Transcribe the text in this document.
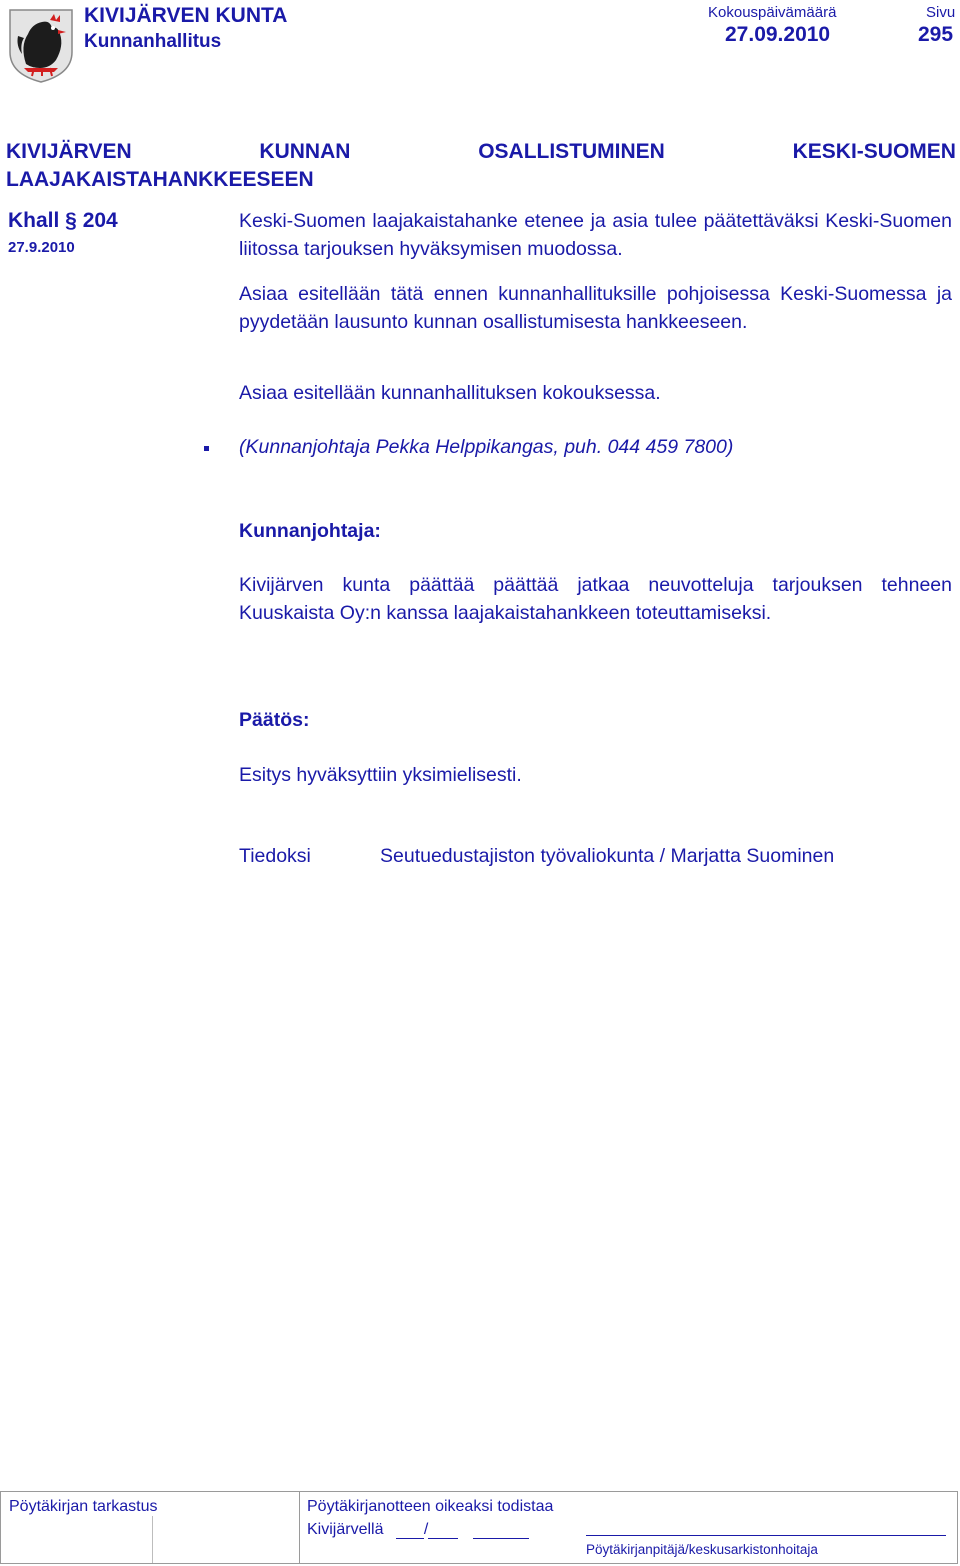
KIVIJÄRVEN KUNTA
Kunnanhallitus
Kokouspäivämäärä
27.09.2010
Sivu
295
KIVIJÄRVEN	KUNNAN	OSALLISTUMINEN	KESKI-SUOMEN
LAAJAKAISTAHANKKEESEEN
Khall § 204
27.9.2010
Keski-Suomen laajakaistahanke etenee ja asia tulee päätettäväksi Keski-Suomen liitossa tarjouksen hyväksymisen muodossa.
Asiaa esitellään tätä ennen kunnanhallituksille pohjoisessa Keski-Suomessa ja pyydetään lausunto kunnan osallistumisesta hankkeeseen.
Asiaa esitellään kunnanhallituksen kokouksessa.
(Kunnanjohtaja Pekka Helppikangas, puh. 044 459 7800)
Kunnanjohtaja:
Kivijärven kunta päättää päättää jatkaa neuvotteluja tarjouksen tehneen Kuuskaista Oy:n kanssa laajakaistahankkeen toteuttamiseksi.
Päätös:
Esitys hyväksyttiin yksimielisesti.
Tiedoksi	Seutuedustajiston työvaliokunta / Marjatta Suominen
Pöytäkirjan tarkastus	Pöytäkirjanotteen oikeaksi todistaa
Kivijärvellä	/
Pöytäkirjanpitäjä/keskusarkistonhoitaja
